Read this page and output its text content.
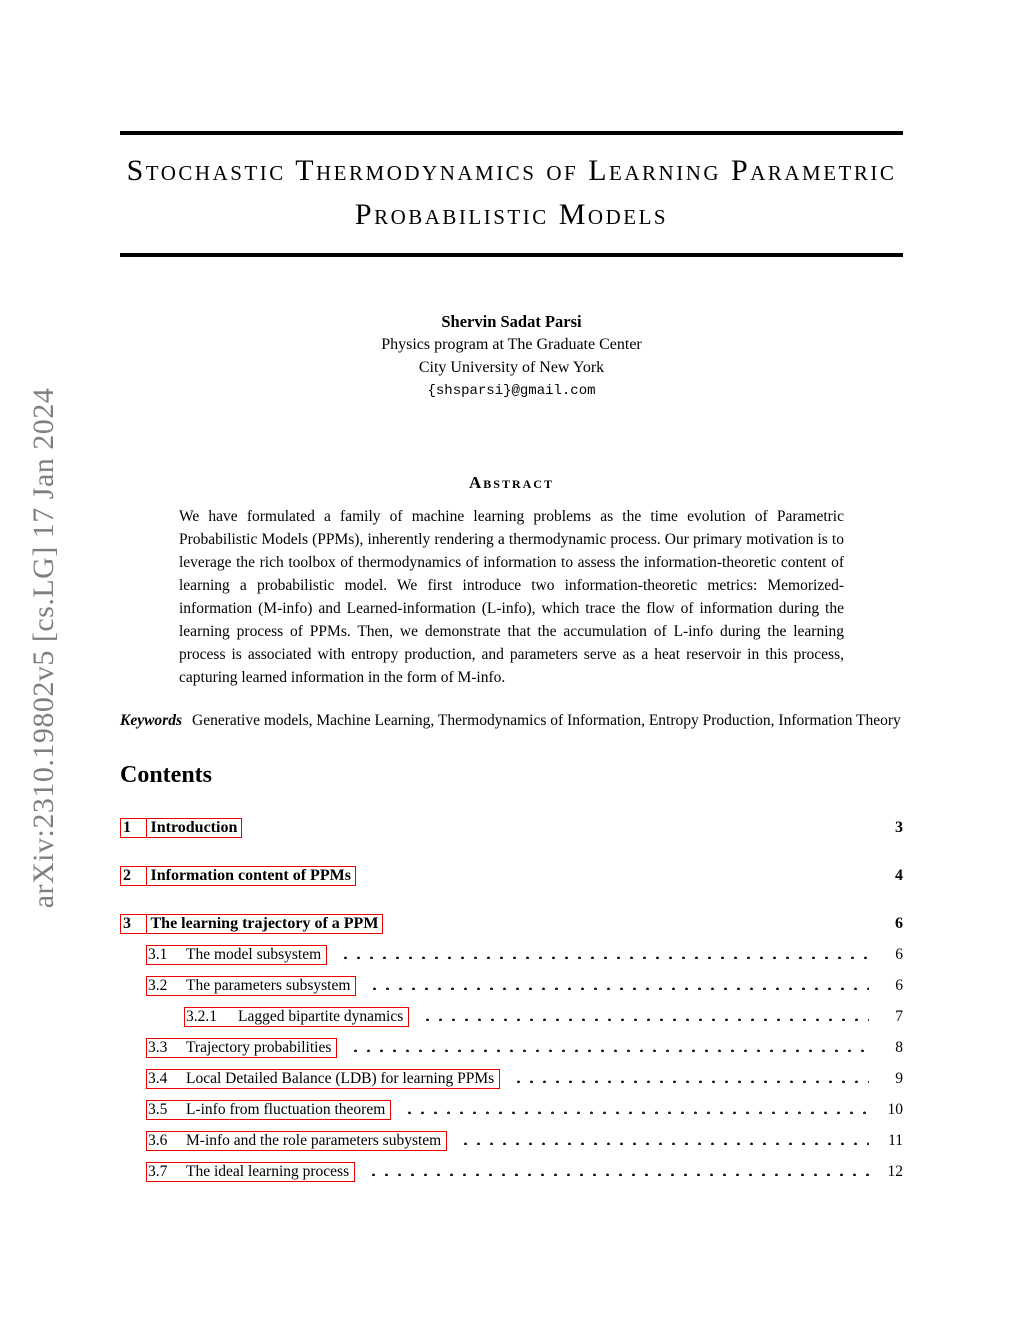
arXiv:2310.19802v5 [cs.LG] 17 Jan 2024
Stochastic Thermodynamics of Learning Parametric
Probabilistic Models
Shervin Sadat Parsi
Physics program at The Graduate Center
City University of New York
{shsparsi}@gmail.com
Abstract

We have formulated a family of machine learning problems as the time evolution of Parametric Probabilistic Models (PPMs), inherently rendering a thermodynamic process. Our primary motivation is to leverage the rich toolbox of thermodynamics of information to assess the information-theoretic content of learning a probabilistic model. We first introduce two information-theoretic metrics: Memorized-information (M-info) and Learned-information (L-info), which trace the flow of information during the learning process of PPMs. Then, we demonstrate that the accumulation of L-info during the learning process is associated with entropy production, and parameters serve as a heat reservoir in this process, capturing learned information in the form of M-info.

Keywords Generative models, Machine Learning, Thermodynamics of Information, Entropy Production, Information Theory

Contents
1	Introduction	3
2	Information content of PPMs	4
3	The learning trajectory of a PPM	6
3.1	The model subsystem	6
3.2	The parameters subsystem	6
3.2.1	Lagged bipartite dynamics	7
3.3	Trajectory probabilities	8
3.4	Local Detailed Balance (LDB) for learning PPMs	9
3.5	L-info from fluctuation theorem	10
3.6	M-info and the role parameters subystem	11
3.7	The ideal learning process	12
